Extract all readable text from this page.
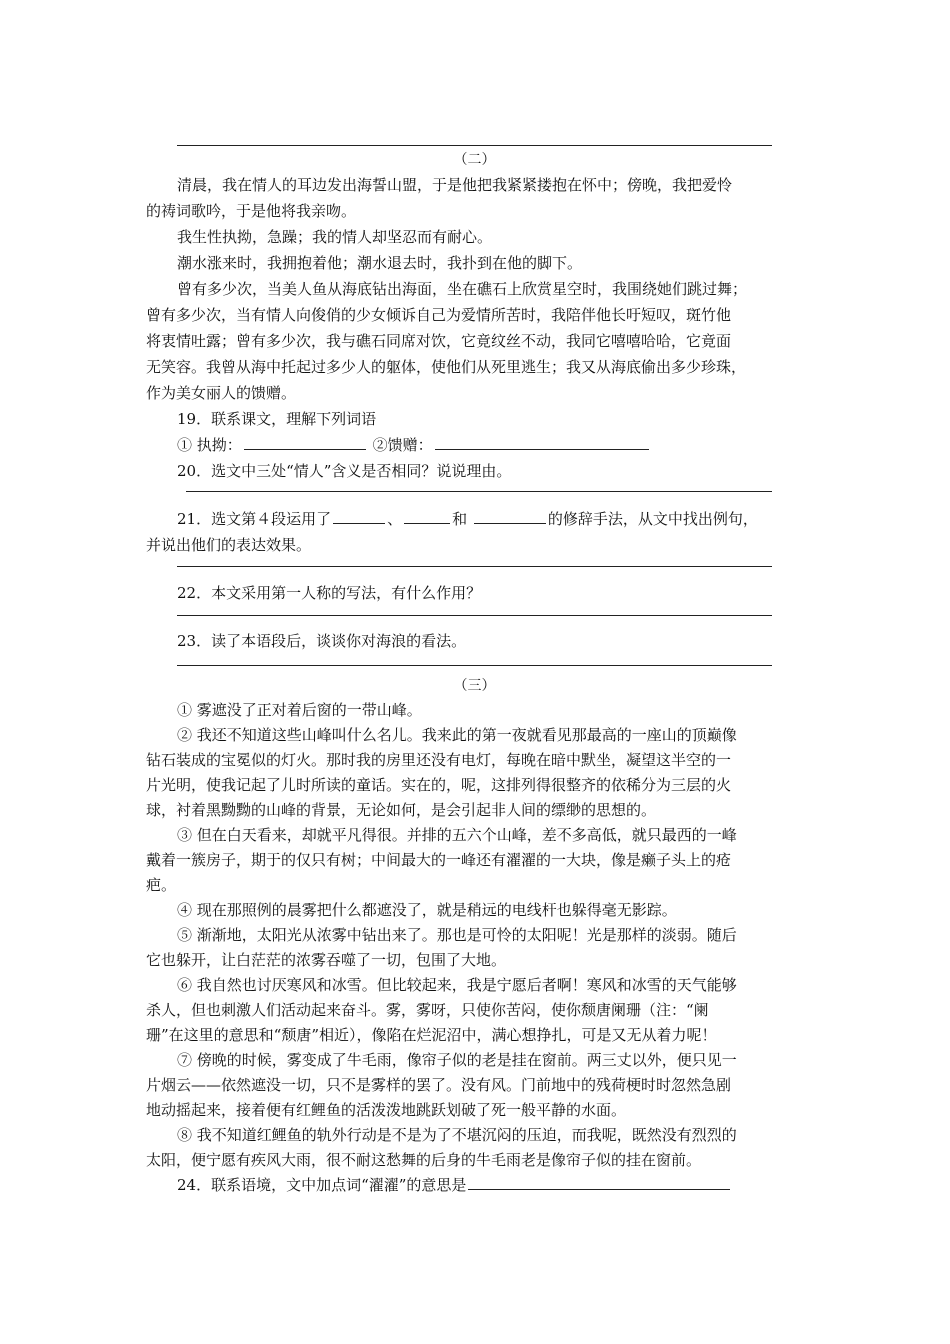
（二）
清晨，我在情人的耳边发出海誓山盟，于是他把我紧紧搂抱在怀中；傍晚，我把爱怜
的祷词歌吟，于是他将我亲吻。
我生性执拗，急躁；我的情人却坚忍而有耐心。
潮水涨来时，我拥抱着他；潮水退去时，我扑到在他的脚下。
曾有多少次，当美人鱼从海底钻出海面，坐在礁石上欣赏星空时，我围绕她们跳过舞；
曾有多少次，当有情人向俊俏的少女倾诉自己为爱情所苦时，我陪伴他长吁短叹，斑竹他
将衷情吐露；曾有多少次，我与礁石同席对饮，它竟纹丝不动，我同它嘻嘻哈哈，它竟面
无笑容。我曾从海中托起过多少人的躯体，使他们从死里逃生；我又从海底偷出多少珍珠，
作为美女丽人的馈赠。
19．联系课文，理解下列词语
① 执拗：	②馈赠：
20．选文中三处“情人”含义是否相同？说说理由。
21．选文第４段运用了	、	和	的修辞手法，从文中找出例句，
并说出他们的表达效果。
22．本文采用第一人称的写法，有什么作用？
23．读了本语段后，谈谈你对海浪的看法。
（三）
① 雾遮没了正对着后窗的一带山峰。
② 我还不知道这些山峰叫什么名儿。我来此的第一夜就看见那最高的一座山的顶巅像
钻石装成的宝冕似的灯火。那时我的房里还没有电灯，每晚在暗中默坐，凝望这半空的一
片光明，使我记起了儿时所读的童话。实在的，呢，这排列得很整齐的依稀分为三层的火
球，衬着黑黝黝的山峰的背景，无论如何，是会引起非人间的缥缈的思想的。
③ 但在白天看来，却就平凡得很。并排的五六个山峰，差不多高低，就只最西的一峰
戴着一簇房子，期于的仅只有树；中间最大的一峰还有濯濯的一大块，像是癞子头上的疮
疤。
④ 现在那照例的晨雾把什么都遮没了，就是稍远的电线杆也躲得毫无影踪。
⑤ 渐渐地，太阳光从浓雾中钻出来了。那也是可怜的太阳呢！光是那样的淡弱。随后
它也躲开，让白茫茫的浓雾吞噬了一切，包围了大地。
⑥ 我自然也讨厌寒风和冰雪。但比较起来，我是宁愿后者啊！寒风和冰雪的天气能够
杀人，但也刺激人们活动起来奋斗。雾，雾呀，只使你苦闷，使你颓唐阑珊（注：“阑
珊”在这里的意思和“颓唐”相近），像陷在烂泥沼中，满心想挣扎，可是又无从着力呢！
⑦ 傍晚的时候，雾变成了牛毛雨，像帘子似的老是挂在窗前。两三丈以外，便只见一
片烟云——依然遮没一切，只不是雾样的罢了。没有风。门前地中的残荷梗时时忽然急剧
地动摇起来，接着便有红鲤鱼的活泼泼地跳跃划破了死一般平静的水面。
⑧ 我不知道红鲤鱼的轨外行动是不是为了不堪沉闷的压迫，而我呢，既然没有烈烈的
太阳，便宁愿有疾风大雨，很不耐这愁舞的后身的牛毛雨老是像帘子似的挂在窗前。
24．联系语境，文中加点词“濯濯”的意思是
